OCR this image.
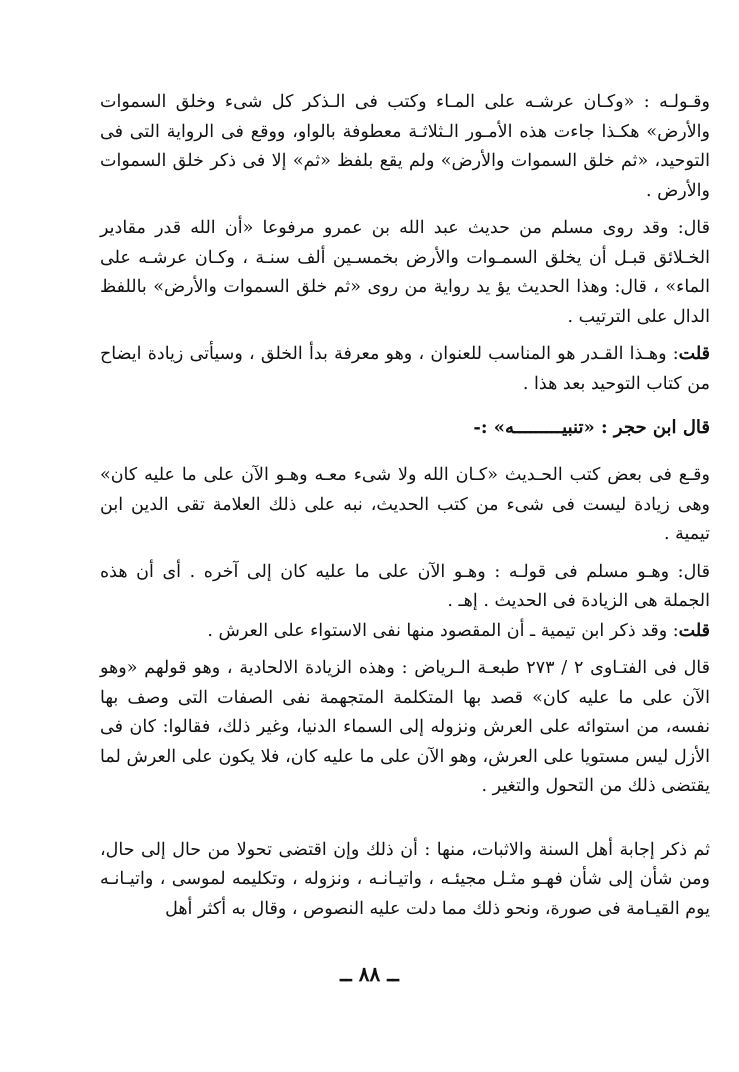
وقـولـه : «وكـان عرشـه على المـاء وكتب فى الـذكر كل شىء وخلق السموات والأرض» هكـذا جاءت هذه الأمـور الـثلاثـة معطوفة بالواو، ووقع فى الرواية التى فى التوحيد، «ثم خلق السموات والأرض» ولم يقع بلفظ «ثم» إلا فى ذكر خلق السموات والأرض .

قال: وقد روى مسلم من حديث عبد الله بن عمرو مرفوعا «أن الله قدر مقادير الخـلائق قبـل أن يخلق السمـوات والأرض بخمسـين ألف سنـة ، وكـان عرشـه على الماء» ، قال: وهذا الحديث يؤ يد رواية من روى «ثم خلق السموات والأرض» باللفظ الدال على الترتيب .

قلت: وهـذا القـدر هو المناسب للعنوان ، وهو معرفة بدأ الخلق ، وسيأتى زيادة ايضاح من كتاب التوحيد بعد هذا .

قال ابن حجر : «تنبيـــــــــه» :-

وقـع فى بعض كتب الحـديث «كـان الله ولا شىء معـه وهـو الآن على ما عليه كان» وهى زيادة ليست فى شىء من كتب الحديث، نبه على ذلك العلامة تقى الدين ابن تيمية .

قال: وهـو مسلم فى قولـه : وهـو الآن على ما عليه كان إلى آخره . أى أن هذه الجملة هى الزيادة فى الحديث . إهـ .

قلت: وقد ذكر ابن تيمية ـ أن المقصود منها نفى الاستواء على العرش .

قال فى الفتـاوى ٢ / ٢٧٣ طبعـة الـرياض : وهذه الزيادة الالحادية ، وهو قولهم «وهو الآن على ما عليه كان» قصد بها المتكلمة المتجهمة نفى الصفات التى وصف بها نفسه، من استوائه على العرش ونزوله إلى السماء الدنيا، وغير ذلك، فقالوا: كان فى الأزل ليس مستويا على العرش، وهو الآن على ما عليه كان، فلا يكون على العرش لما يقتضى ذلك من التحول والتغير .

ثم ذكر إجابة أهل السنة والاثبات، منها : أن ذلك وإن اقتضى تحولا من حال إلى حال، ومن شأن إلى شأن فهـو مثـل مجيئـه ، واتيـانـه ، ونزوله ، وتكليمه لموسى ، واتيـانـه يوم القيـامة فى صورة، ونحو ذلك مما دلت عليه النصوص ، وقال به أكثر أهل

ــ ٨٨ ــ
